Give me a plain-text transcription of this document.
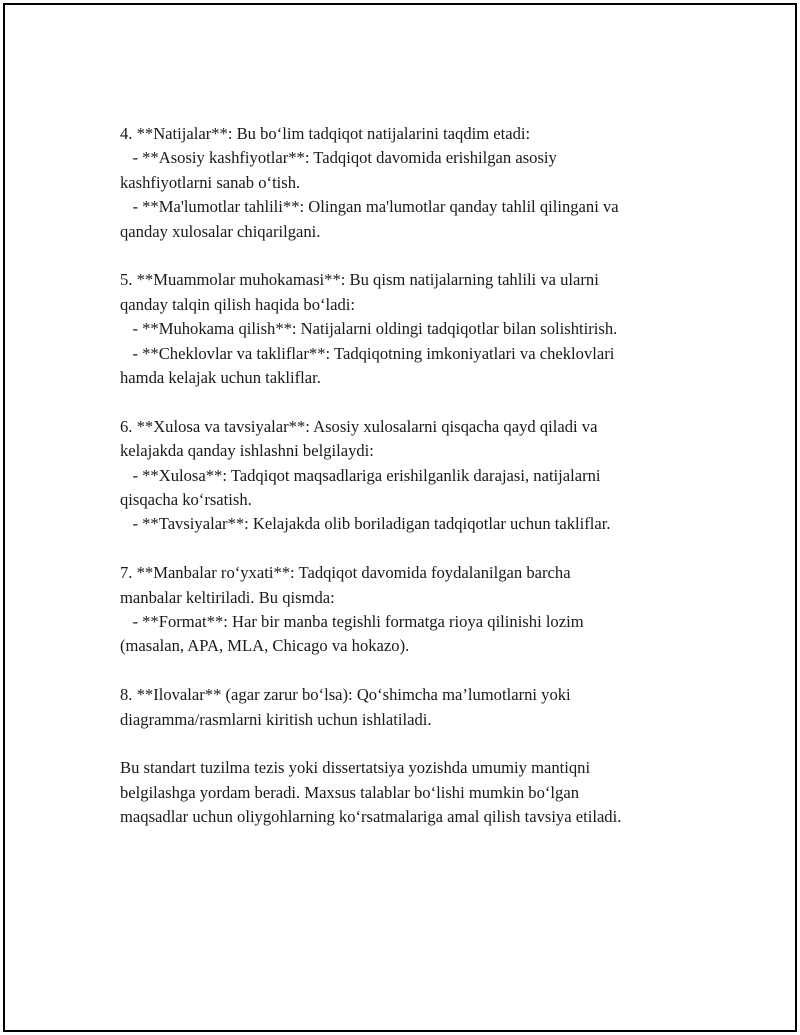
4. **Natijalar**: Bu bo‘lim tadqiqot natijalarini taqdim etadi:
- **Asosiy kashfiyotlar**: Tadqiqot davomida erishilgan asosiy
kashfiyotlarni sanab o‘tish.
- **Ma'lumotlar tahlili**: Olingan ma'lumotlar qanday tahlil qilingani va
qanday xulosalar chiqarilgani.
5. **Muammolar muhokamasi**: Bu qism natijalarning tahlili va ularni
qanday talqin qilish haqida bo‘ladi:
- **Muhokama qilish**: Natijalarni oldingi tadqiqotlar bilan solishtirish.
- **Cheklovlar va takliflar**: Tadqiqotning imkoniyatlari va cheklovlari
hamda kelajak uchun takliflar.
6. **Xulosa va tavsiyalar**: Asosiy xulosalarni qisqacha qayd qiladi va
kelajakda qanday ishlashni belgilaydi:
- **Xulosa**: Tadqiqot maqsadlariga erishilganlik darajasi, natijalarni
qisqacha ko‘rsatish.
- **Tavsiyalar**: Kelajakda olib boriladigan tadqiqotlar uchun takliflar.
7. **Manbalar ro‘yxati**: Tadqiqot davomida foydalanilgan barcha
manbalar keltiriladi. Bu qismda:
- **Format**: Har bir manba tegishli formatga rioya qilinishi lozim
(masalan, APA, MLA, Chicago va hokazo).
8. **Ilovalar** (agar zarur bo‘lsa): Qo‘shimcha ma’lumotlarni yoki
diagramma/rasmlarni kiritish uchun ishlatiladi.
Bu standart tuzilma tezis yoki dissertatsiya yozishda umumiy mantiqni
belgilashga yordam beradi. Maxsus talablar bo‘lishi mumkin bo‘lgan
maqsadlar uchun oliygohlarning ko‘rsatmalariga amal qilish tavsiya etiladi.
